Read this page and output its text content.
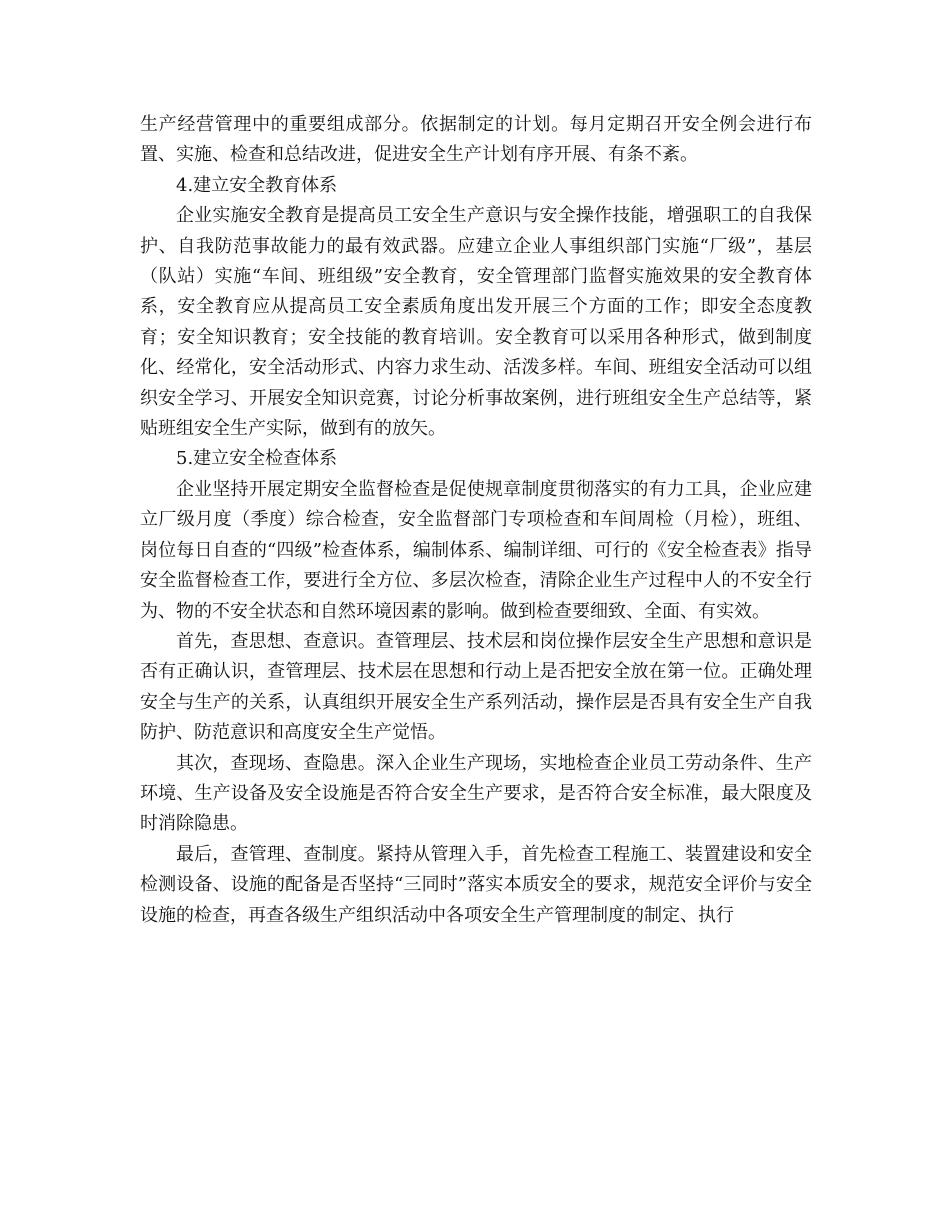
生产经营管理中的重要组成部分。依据制定的计划。每月定期召开安全例会进行布置、实施、检查和总结改进，促进安全生产计划有序开展、有条不紊。

4.建立安全教育体系

企业实施安全教育是提高员工安全生产意识与安全操作技能，增强职工的自我保护、自我防范事故能力的最有效武器。应建立企业人事组织部门实施“厂级”，基层（队站）实施“车间、班组级”安全教育，安全管理部门监督实施效果的安全教育体系，安全教育应从提高员工安全素质角度出发开展三个方面的工作；即安全态度教育；安全知识教育；安全技能的教育培训。安全教育可以采用各种形式，做到制度化、经常化，安全活动形式、内容力求生动、活泼多样。车间、班组安全活动可以组织安全学习、开展安全知识竞赛，讨论分析事故案例，进行班组安全生产总结等，紧贴班组安全生产实际，做到有的放矢。

5.建立安全检查体系

企业坚持开展定期安全监督检查是促使规章制度贯彻落实的有力工具，企业应建立厂级月度（季度）综合检查，安全监督部门专项检查和车间周检（月检），班组、岗位每日自查的“四级”检查体系，编制体系、编制详细、可行的《安全检查表》指导安全监督检查工作，要进行全方位、多层次检查，清除企业生产过程中人的不安全行为、物的不安全状态和自然环境因素的影响。做到检查要细致、全面、有实效。

首先，查思想、查意识。查管理层、技术层和岗位操作层安全生产思想和意识是否有正确认识，查管理层、技术层在思想和行动上是否把安全放在第一位。正确处理安全与生产的关系，认真组织开展安全生产系列活动，操作层是否具有安全生产自我防护、防范意识和高度安全生产觉悟。

其次，查现场、查隐患。深入企业生产现场，实地检查企业员工劳动条件、生产环境、生产设备及安全设施是否符合安全生产要求，是否符合安全标准，最大限度及时消除隐患。

最后，查管理、查制度。紧持从管理入手，首先检查工程施工、装置建设和安全检测设备、设施的配备是否坚持“三同时”落实本质安全的要求，规范安全评价与安全设施的检查，再查各级生产组织活动中各项安全生产管理制度的制定、执行
